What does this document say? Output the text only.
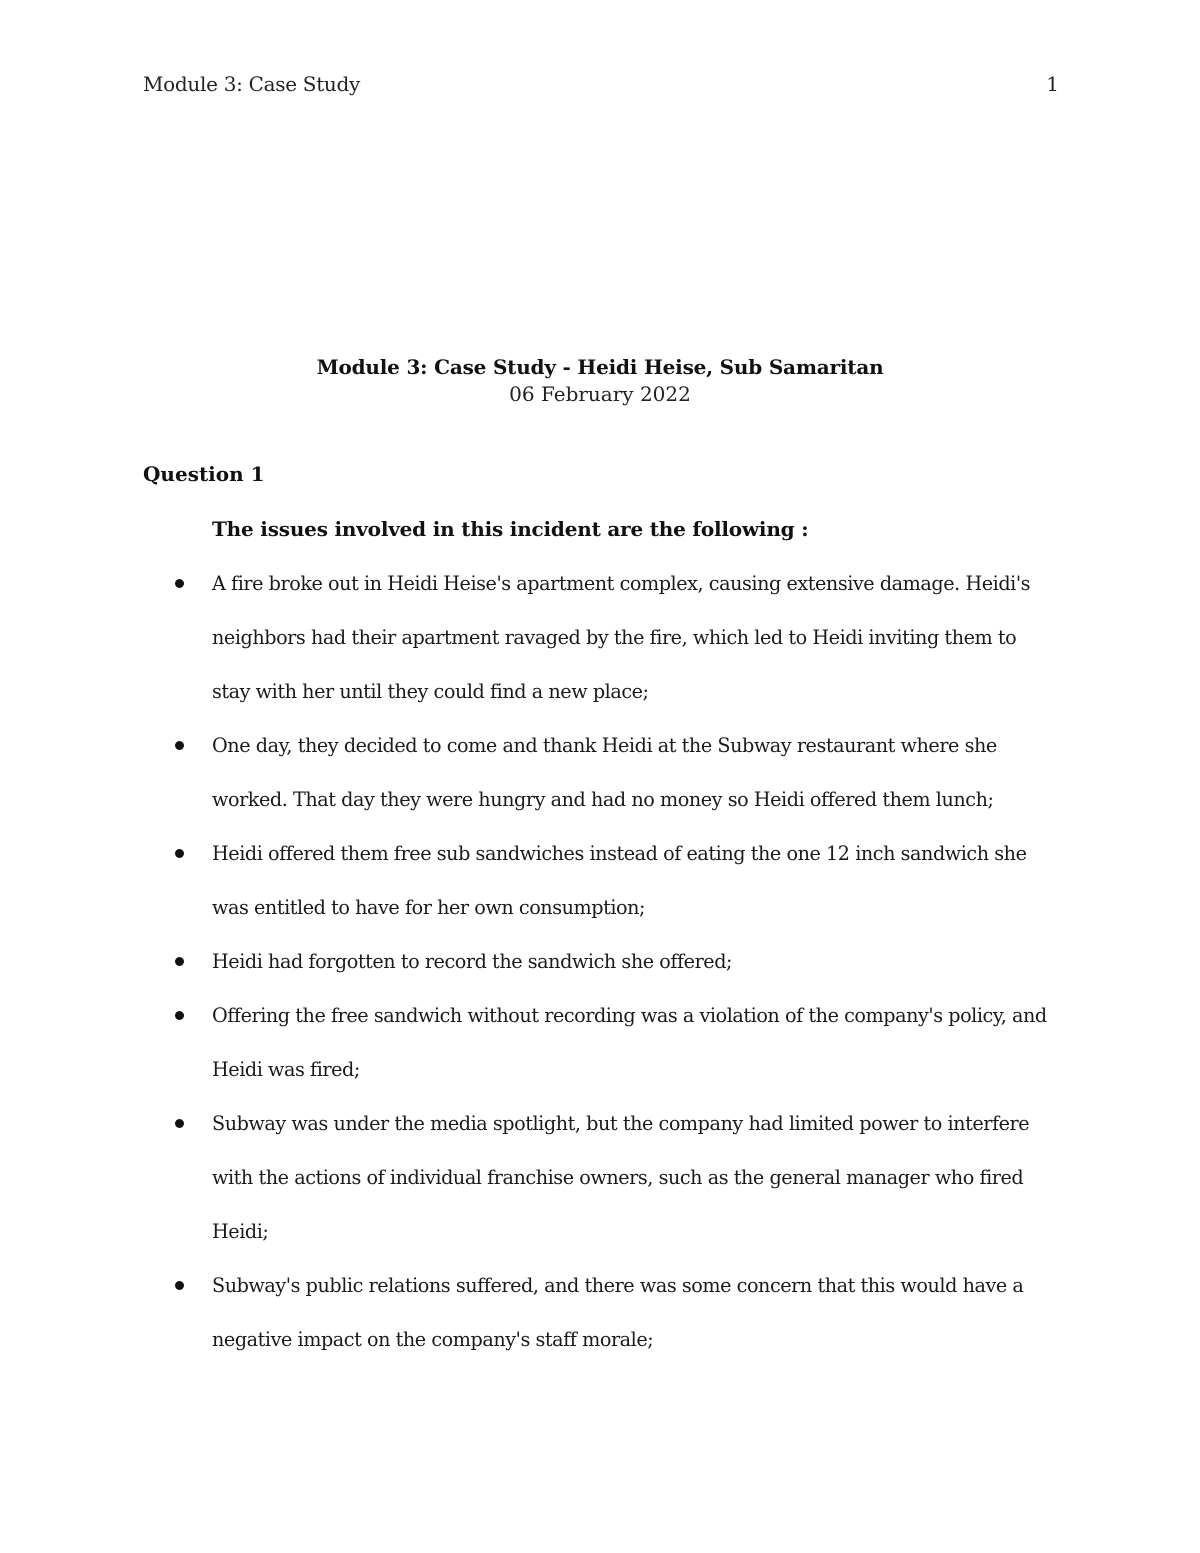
Module 3: Case Study	1
Module 3: Case Study - Heidi Heise, Sub Samaritan
06 February 2022
Question 1
The issues involved in this incident are the following :
A fire broke out in Heidi Heise's apartment complex, causing extensive damage. Heidi's neighbors had their apartment ravaged by the fire, which led to Heidi inviting them to stay with her until they could find a new place;
One day, they decided to come and thank Heidi at the Subway restaurant where she worked. That day they were hungry and had no money so Heidi offered them lunch;
Heidi offered them free sub sandwiches instead of eating the one 12 inch sandwich she was entitled to have for her own consumption;
Heidi had forgotten to record the sandwich she offered;
Offering the free sandwich without recording was a violation of the company's policy, and Heidi was fired;
Subway was under the media spotlight, but the company had limited power to interfere with the actions of individual franchise owners, such as the general manager who fired Heidi;
Subway's public relations suffered, and there was some concern that this would have a negative impact on the company's staff morale;
